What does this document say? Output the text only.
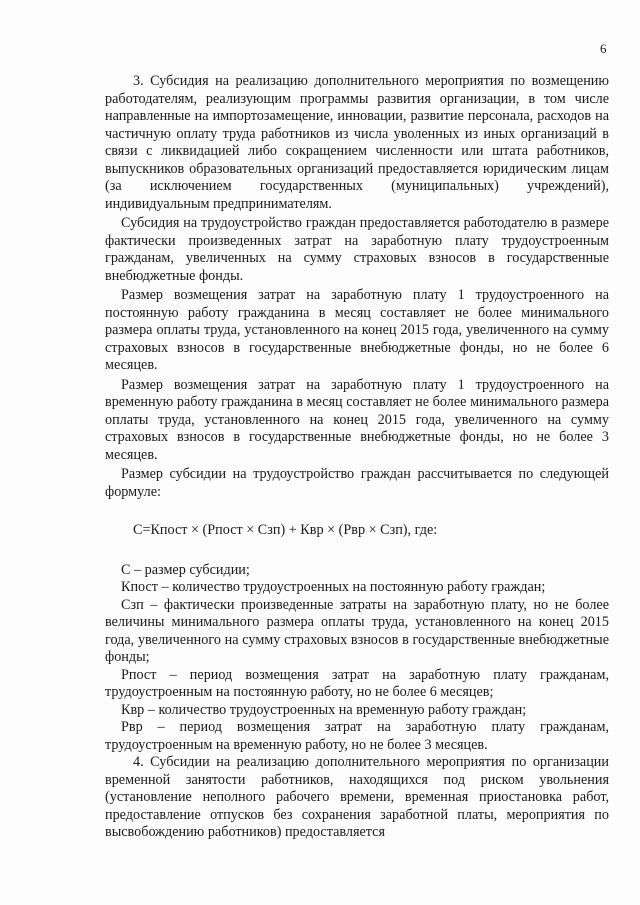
6

3. Субсидия на реализацию дополнительного мероприятия по возмещению работодателям, реализующим программы развития организации, в том числе направленные на импортозамещение, инновации, развитие персонала, расходов на частичную оплату труда работников из числа уволенных из иных организаций в связи с ликвидацией либо сокращением численности или штата работников, выпускников образовательных организаций предоставляется юридическим лицам (за исключением государственных (муниципальных) учреждений), индивидуальным предпринимателям.

Субсидия на трудоустройство граждан предоставляется работодателю в размере фактически произведенных затрат на заработную плату трудоустроенным гражданам, увеличенных на сумму страховых взносов в государственные внебюджетные фонды.

Размер возмещения затрат на заработную плату 1 трудоустроенного на постоянную работу гражданина в месяц составляет не более минимального размера оплаты труда, установленного на конец 2015 года, увеличенного на сумму страховых взносов в государственные внебюджетные фонды, но не более 6 месяцев.

Размер возмещения затрат на заработную плату 1 трудоустроенного на временную работу гражданина в месяц составляет не более минимального размера оплаты труда, установленного на конец 2015 года, увеличенного на сумму страховых взносов в государственные внебюджетные фонды, но не более 3 месяцев.

Размер субсидии на трудоустройство граждан рассчитывается по следующей формуле:

С=Кпост × (Рпост × Сзп) + Квр × (Рвр × Сзп), где:

С – размер субсидии;

Кпост – количество трудоустроенных на постоянную работу граждан;

Сзп – фактически произведенные затраты на заработную плату, но не более величины минимального размера оплаты труда, установленного на конец 2015 года, увеличенного на сумму страховых взносов в государственные внебюджетные фонды;

Рпост – период возмещения затрат на заработную плату гражданам, трудоустроенным на постоянную работу, но не более 6 месяцев;

Квр – количество трудоустроенных на временную работу граждан;

Рвр – период возмещения затрат на заработную плату гражданам, трудоустроенным на временную работу, но не более 3 месяцев.

4. Субсидии на реализацию дополнительного мероприятия по организации временной занятости работников, находящихся под риском увольнения (установление неполного рабочего времени, временная приостановка работ, предоставление отпусков без сохранения заработной платы, мероприятия по высвобождению работников) предоставляется
